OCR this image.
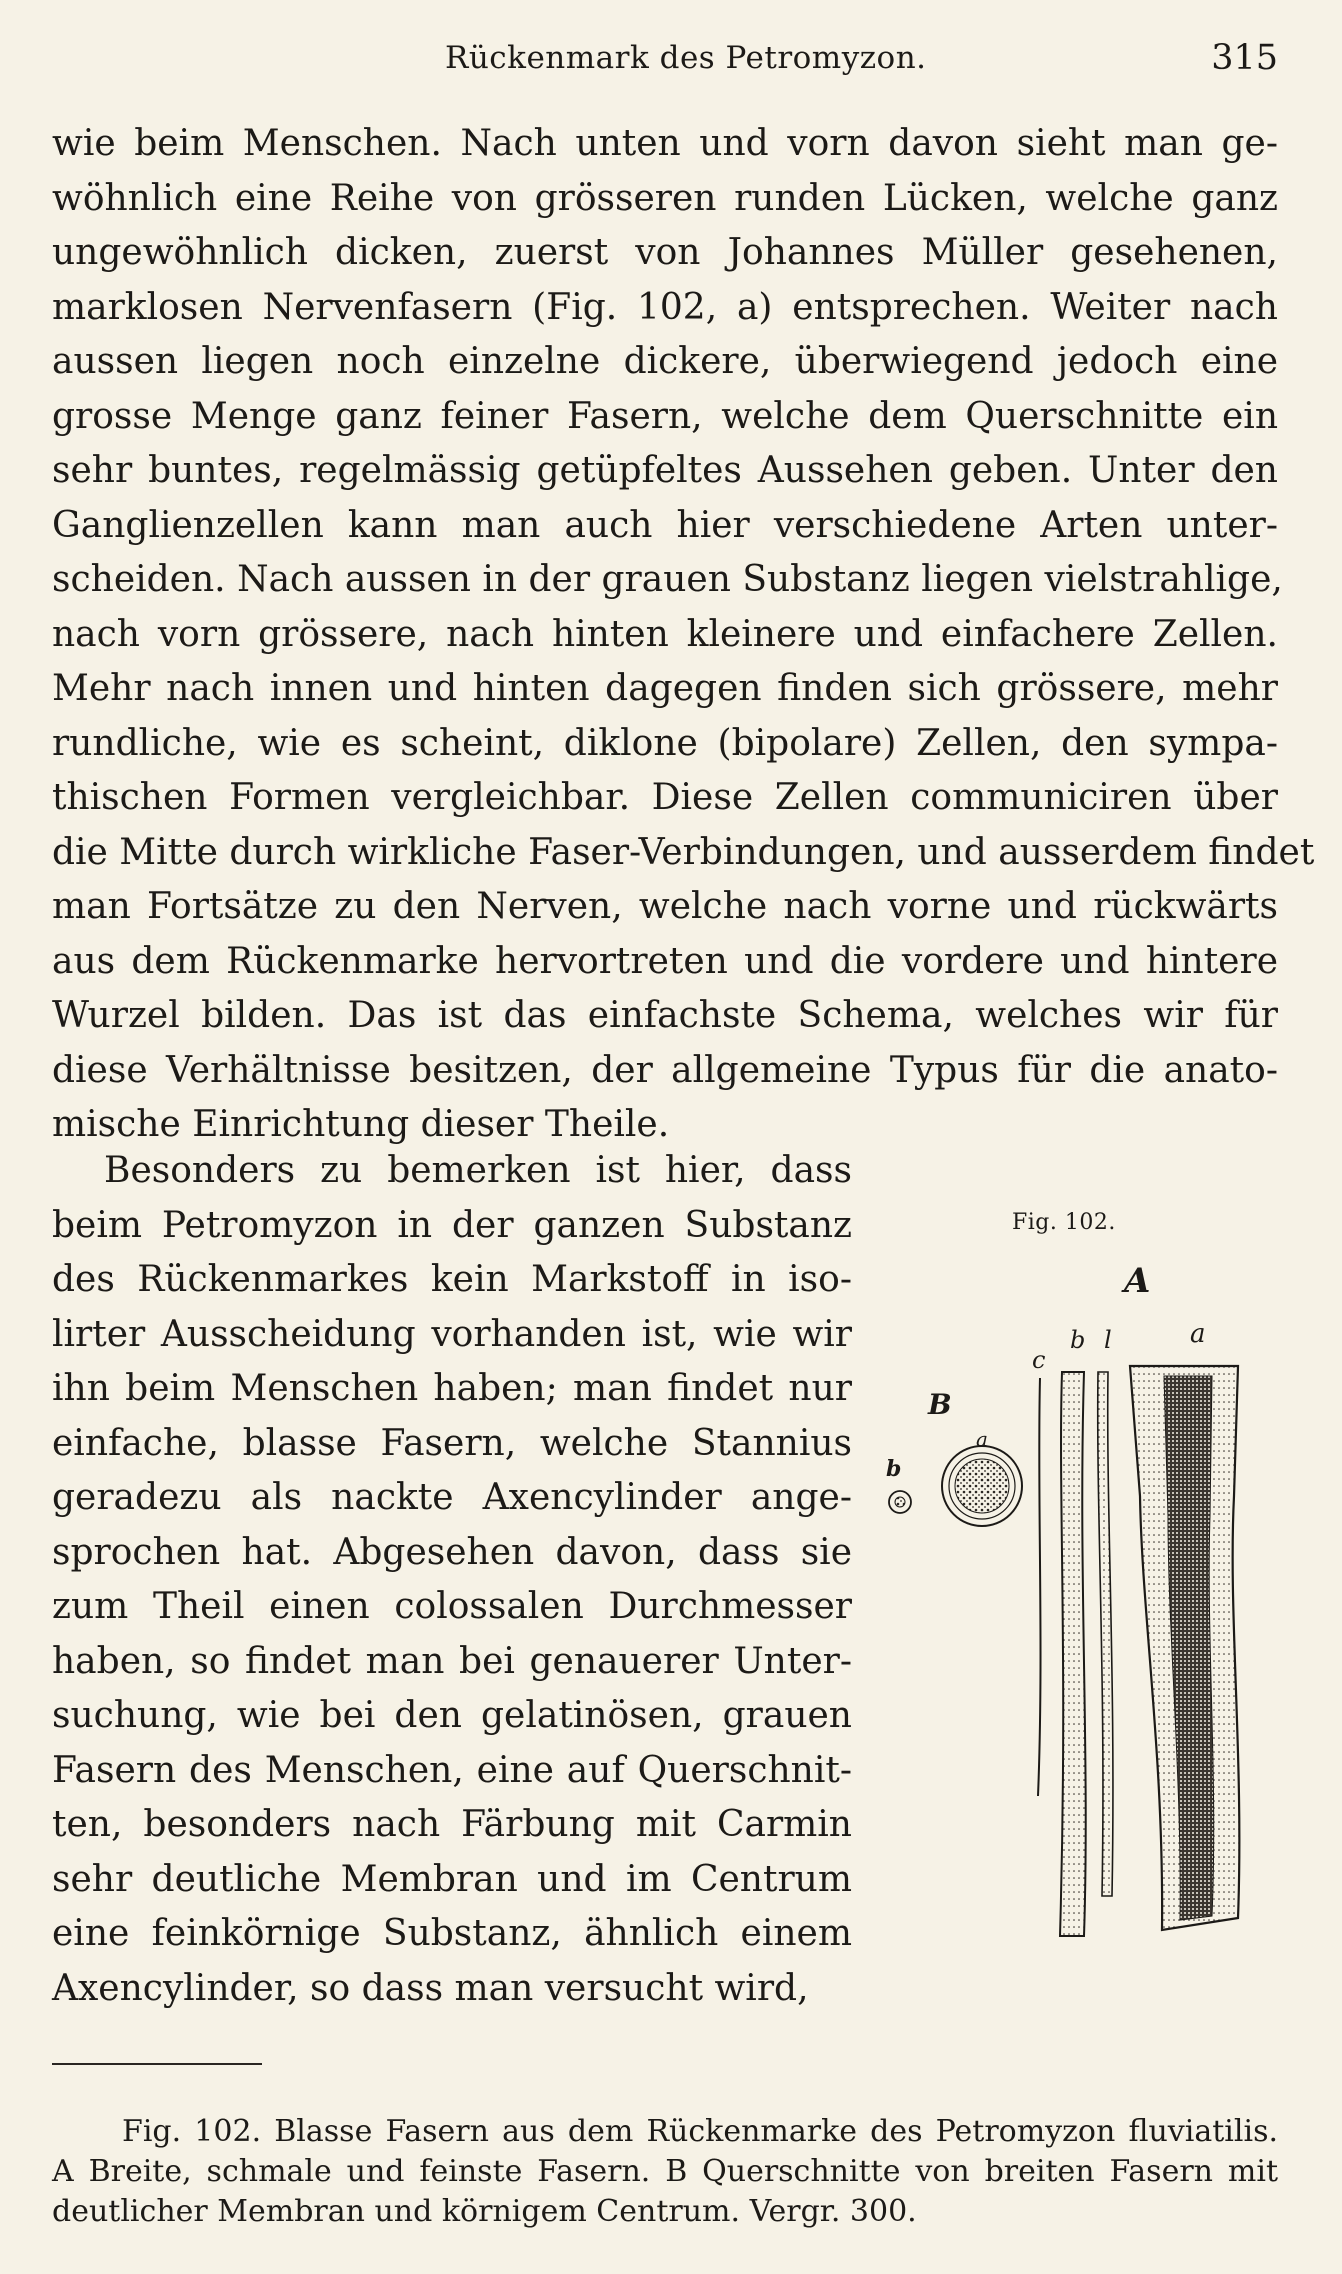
Rückenmark des Petromyzon.	315
wie beim Menschen. Nach unten und vorn davon sieht man ge-
wöhnlich eine Reihe von grösseren runden Lücken, welche ganz
ungewöhnlich dicken, zuerst von Johannes Müller gesehenen,
marklosen Nervenfasern (Fig. 102, a) entsprechen. Weiter nach
aussen liegen noch einzelne dickere, überwiegend jedoch eine
grosse Menge ganz feiner Fasern, welche dem Querschnitte ein
sehr buntes, regelmässig getüpfeltes Aussehen geben. Unter den
Ganglienzellen kann man auch hier verschiedene Arten unter-
scheiden. Nach aussen in der grauen Substanz liegen vielstrahlige,
nach vorn grössere, nach hinten kleinere und einfachere Zellen.
Mehr nach innen und hinten dagegen finden sich grössere, mehr
rundliche, wie es scheint, diklone (bipolare) Zellen, den sympa-
thischen Formen vergleichbar. Diese Zellen communiciren über
die Mitte durch wirkliche Faser-Verbindungen, und ausserdem findet
man Fortsätze zu den Nerven, welche nach vorne und rückwärts
aus dem Rückenmarke hervortreten und die vordere und hintere
Wurzel bilden. Das ist das einfachste Schema, welches wir für
diese Verhältnisse besitzen, der allgemeine Typus für die anato-
mische Einrichtung dieser Theile.
Besonders zu bemerken ist hier, dass
beim Petromyzon in der ganzen Substanz
des Rückenmarkes kein Markstoff in iso-
lirter Ausscheidung vorhanden ist, wie wir
ihn beim Menschen haben; man findet nur
einfache, blasse Fasern, welche Stannius
geradezu als nackte Axencylinder ange-
sprochen hat. Abgesehen davon, dass sie
zum Theil einen colossalen Durchmesser
haben, so findet man bei genauerer Unter-
suchung, wie bei den gelatinösen, grauen
Fasern des Menschen, eine auf Querschnit-
ten, besonders nach Färbung mit Carmin
sehr deutliche Membran und im Centrum
eine feinkörnige Substanz, ähnlich einem
Axencylinder, so dass man versucht wird,
Fig. 102.
A
c
b l	a
B
a
b
Fig. 102. Blasse Fasern aus dem Rückenmarke des Petromyzon fluviatilis.
A Breite, schmale und feinste Fasern. B Querschnitte von breiten Fasern mit
deutlicher Membran und körnigem Centrum. Vergr. 300.
